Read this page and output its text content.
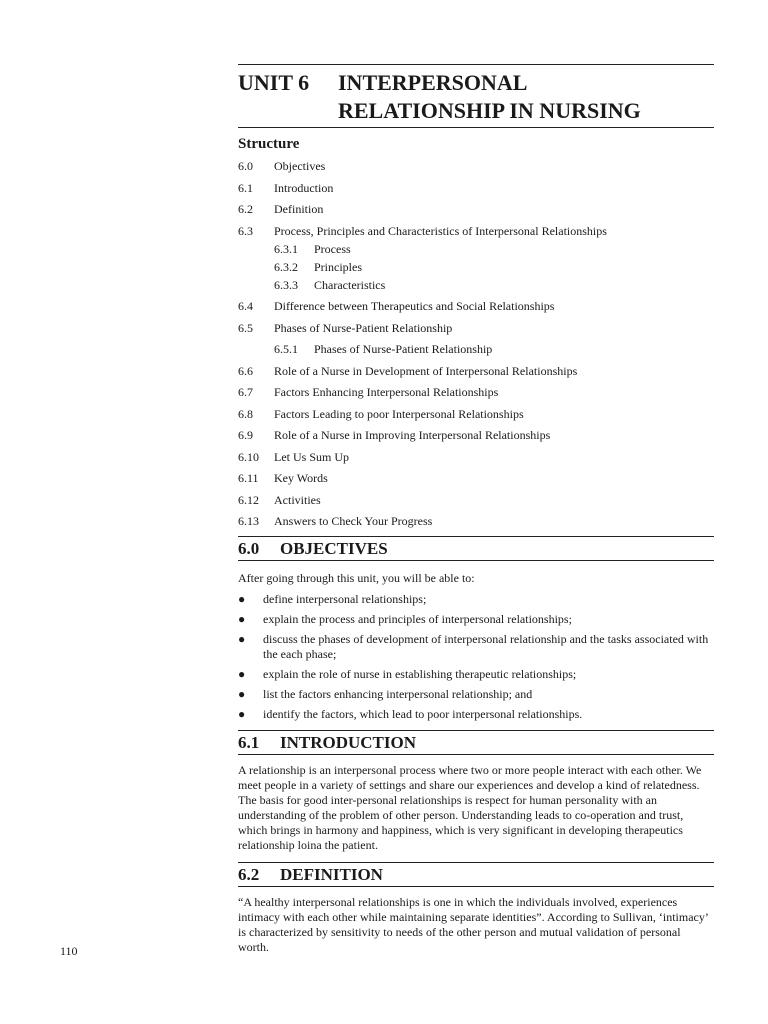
110
UNIT 6	INTERPERSONAL
RELATIONSHIP IN NURSING
Structure
6.0	Objectives
6.1	Introduction
6.2	Definition
6.3	Process, Principles and Characteristics of Interpersonal Relationships
6.3.1	Process
6.3.2	Principles
6.3.3	Characteristics
6.4	Difference between Therapeutics and Social Relationships
6.5	Phases of Nurse-Patient Relationship
6.5.1	Phases of Nurse-Patient Relationship
6.6	Role of a Nurse in Development of Interpersonal Relationships
6.7	Factors Enhancing Interpersonal Relationships
6.8	Factors Leading to poor Interpersonal Relationships
6.9	Role of a Nurse in Improving Interpersonal Relationships
6.10	Let Us Sum Up
6.11	Key Words
6.12	Activities
6.13	Answers to Check Your Progress
6.0	OBJECTIVES

After going through this unit, you will be able to:

●	define interpersonal relationships;
●	explain the process and principles of interpersonal relationships;
●	discuss the phases of development of interpersonal relationship and the tasks associated with the each phase;
●	explain the role of nurse in establishing therapeutic relationships;
●	list the factors enhancing interpersonal relationship; and
●	identify the factors, which lead to poor interpersonal relationships.
6.1	INTRODUCTION

A relationship is an interpersonal process where two or more people interact with each other. We meet people in a variety of settings and share our experiences and develop a kind of relatedness. The basis for good inter-personal relationships is respect for human personality with an understanding of the problem of other person. Understanding leads to co-operation and trust, which brings in harmony and happiness, which is very significant in developing therapeutics relationship loina the patient.

6.2	DEFINITION

“A healthy interpersonal relationships is one in which the individuals involved, experiences intimacy with each other while maintaining separate identities”. According to Sullivan, ‘intimacy’ is characterized by sensitivity to needs of the other person and mutual validation of personal worth.
